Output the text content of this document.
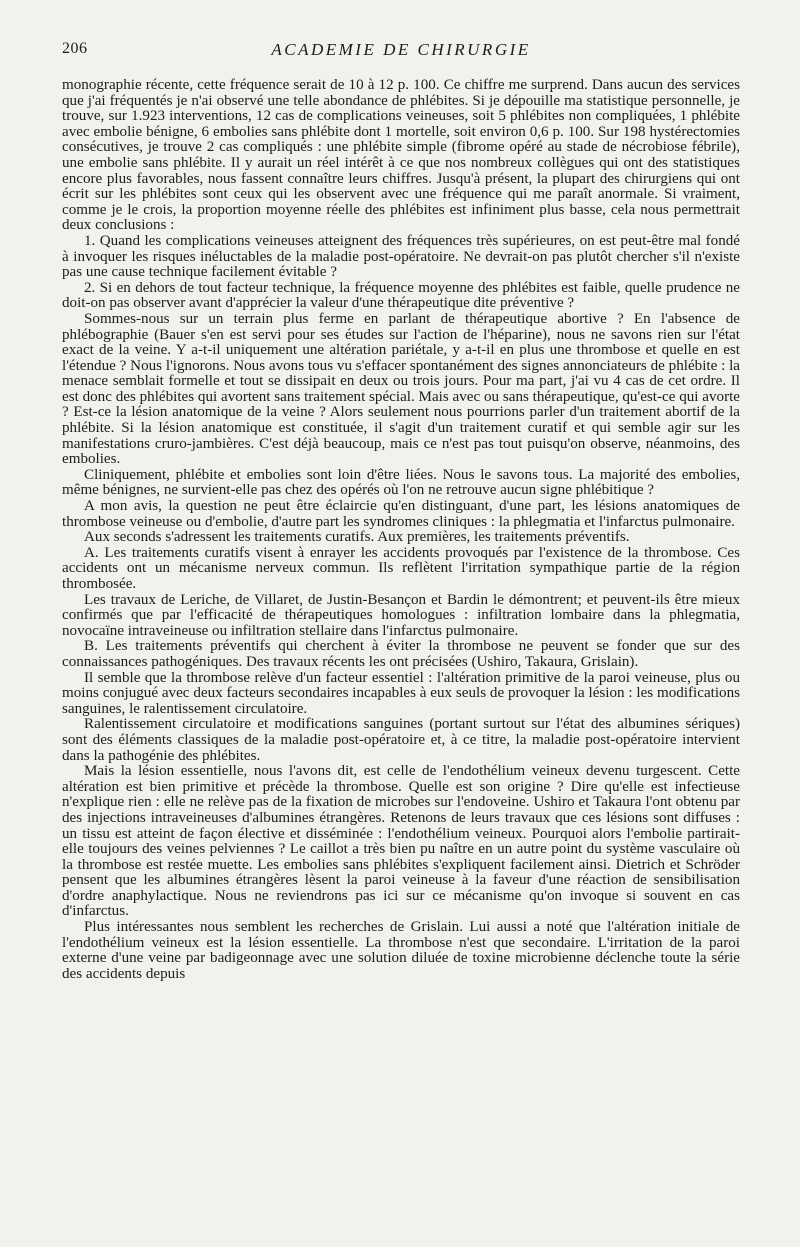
206	ACADEMIE DE CHIRURGIE

monographie récente, cette fréquence serait de 10 à 12 p. 100. Ce chiffre me surprend. Dans aucun des services que j'ai fréquentés je n'ai observé une telle abondance de phlébites. Si je dépouille ma statistique personnelle, je trouve, sur 1.923 interventions, 12 cas de complications veineuses, soit 5 phlébites non compliquées, 1 phlébite avec embolie bénigne, 6 embolies sans phlébite dont 1 mortelle, soit environ 0,6 p. 100. Sur 198 hystérectomies consécutives, je trouve 2 cas compliqués : une phlébite simple (fibrome opéré au stade de nécrobiose fébrile), une embolie sans phlébite. Il y aurait un réel intérêt à ce que nos nombreux collègues qui ont des statistiques encore plus favorables, nous fassent connaître leurs chiffres. Jusqu'à présent, la plupart des chirurgiens qui ont écrit sur les phlébites sont ceux qui les observent avec une fréquence qui me paraît anormale. Si vraiment, comme je le crois, la proportion moyenne réelle des phlébites est infiniment plus basse, cela nous permettrait deux conclusions :

1. Quand les complications veineuses atteignent des fréquences très supérieures, on est peut-être mal fondé à invoquer les risques inéluctables de la maladie post-opératoire. Ne devrait-on pas plutôt chercher s'il n'existe pas une cause technique facilement évitable ?

2. Si en dehors de tout facteur technique, la fréquence moyenne des phlébites est faible, quelle prudence ne doit-on pas observer avant d'apprécier la valeur d'une thérapeutique dite préventive ?

Sommes-nous sur un terrain plus ferme en parlant de thérapeutique abortive ? En l'absence de phlébographie (Bauer s'en est servi pour ses études sur l'action de l'héparine), nous ne savons rien sur l'état exact de la veine. Y a-t-il uniquement une altération pariétale, y a-t-il en plus une thrombose et quelle en est l'étendue ? Nous l'ignorons. Nous avons tous vu s'effacer spontanément des signes annonciateurs de phlébite : la menace semblait formelle et tout se dissipait en deux ou trois jours. Pour ma part, j'ai vu 4 cas de cet ordre. Il est donc des phlébites qui avortent sans traitement spécial. Mais avec ou sans thérapeutique, qu'est-ce qui avorte ? Est-ce la lésion anatomique de la veine ? Alors seulement nous pourrions parler d'un traitement abortif de la phlébite. Si la lésion anatomique est constituée, il s'agit d'un traitement curatif et qui semble agir sur les manifestations cruro-jambières. C'est déjà beaucoup, mais ce n'est pas tout puisqu'on observe, néanmoins, des embolies.

Cliniquement, phlébite et embolies sont loin d'être liées. Nous le savons tous. La majorité des embolies, même bénignes, ne survient-elle pas chez des opérés où l'on ne retrouve aucun signe phlébitique ?

A mon avis, la question ne peut être éclaircie qu'en distinguant, d'une part, les lésions anatomiques de thrombose veineuse ou d'embolie, d'autre part les syndromes cliniques : la phlegmatia et l'infarctus pulmonaire.

Aux seconds s'adressent les traitements curatifs. Aux premières, les traitements préventifs.

A. Les traitements curatifs visent à enrayer les accidents provoqués par l'existence de la thrombose. Ces accidents ont un mécanisme nerveux commun. Ils reflètent l'irritation sympathique partie de la région thrombosée.

Les travaux de Leriche, de Villaret, de Justin-Besançon et Bardin le démontrent; et peuvent-ils être mieux confirmés que par l'efficacité de thérapeutiques homologues : infiltration lombaire dans la phlegmatia, novocaïne intraveineuse ou infiltration stellaire dans l'infarctus pulmonaire.

B. Les traitements préventifs qui cherchent à éviter la thrombose ne peuvent se fonder que sur des connaissances pathogéniques. Des travaux récents les ont précisées (Ushiro, Takaura, Grislain).

Il semble que la thrombose relève d'un facteur essentiel : l'altération primitive de la paroi veineuse, plus ou moins conjugué avec deux facteurs secondaires incapables à eux seuls de provoquer la lésion : les modifications sanguines, le ralentissement circulatoire.

Ralentissement circulatoire et modifications sanguines (portant surtout sur l'état des albumines sériques) sont des éléments classiques de la maladie post-opératoire et, à ce titre, la maladie post-opératoire intervient dans la pathogénie des phlébites.

Mais la lésion essentielle, nous l'avons dit, est celle de l'endothélium veineux devenu turgescent. Cette altération est bien primitive et précède la thrombose. Quelle est son origine ? Dire qu'elle est infectieuse n'explique rien : elle ne relève pas de la fixation de microbes sur l'endoveine. Ushiro et Takaura l'ont obtenu par des injections intraveineuses d'albumines étrangères. Retenons de leurs travaux que ces lésions sont diffuses : un tissu est atteint de façon élective et disséminée : l'endothélium veineux. Pourquoi alors l'embolie partirait-elle toujours des veines pelviennes ? Le caillot a très bien pu naître en un autre point du système vasculaire où la thrombose est restée muette. Les embolies sans phlébites s'expliquent facilement ainsi. Dietrich et Schröder pensent que les albumines étrangères lèsent la paroi veineuse à la faveur d'une réaction de sensibilisation d'ordre anaphylactique. Nous ne reviendrons pas ici sur ce mécanisme qu'on invoque si souvent en cas d'infarctus.

Plus intéressantes nous semblent les recherches de Grislain. Lui aussi a noté que l'altération initiale de l'endothélium veineux est la lésion essentielle. La thrombose n'est que secondaire. L'irritation de la paroi externe d'une veine par badigeonnage avec une solution diluée de toxine microbienne déclenche toute la série des accidents depuis
